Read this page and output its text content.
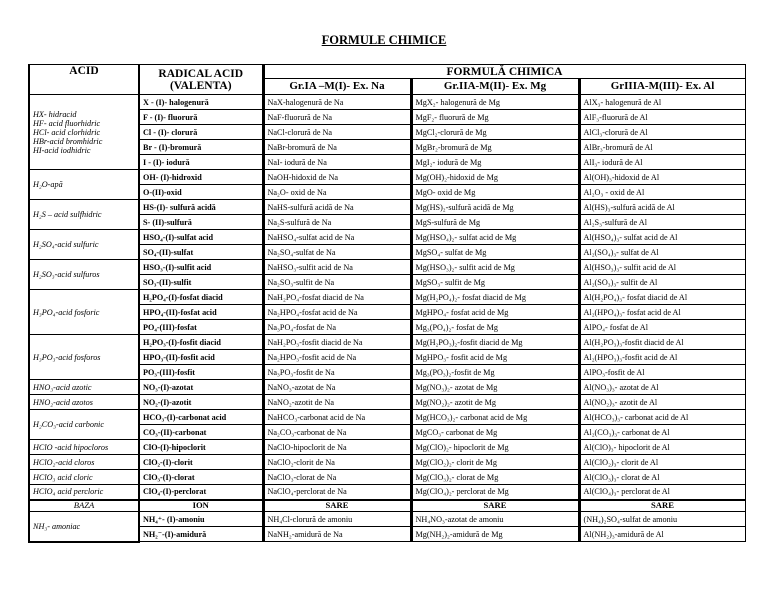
FORMULE CHIMICE
ACID	RADICAL ACID
(VALENTA)	FORMULĂ CHIMICA		
		Gr.IA –M(I)- Ex. Na	Gr.IIA-M(II)- Ex. Mg	GrIIIA-M(III)- Ex. Al
HX- hidracid
HF- acid fluorhidric
HCl- acid clorhidric
HBr-acid bromhidric
HI-acid iodhidric	X - (I)- halogenură	NaX-halogenură de Na	MgX₂- halogenură de Mg	AlX₃- halogenură de Al
	F - (I)- fluorură	NaF-fluorură de Na	MgF₂- fluorură de Mg	AlF₃-fluorură de Al
	Cl - (I)- clorură	NaCl-clorură de Na	MgCl₂-clorură de Mg	AlCl₃-clorură de Al
	Br - (I)-bromură	NaBr-bromură de Na	MgBr₂-bromură de Mg	AlBr₃-bromură de Al
	I - (I)- iodură	NaI- iodură de Na	MgI₂- iodură de Mg	AlI₃- iodură de Al
H₂O-apă	OH- (I)-hidroxid	NaOH-hidoxid de Na	Mg(OH)₂-hidoxid de Mg	Al(OH)₃-hidoxid de Al
	O-(II)-oxid	Na₂O- oxid de Na	MgO- oxid de Mg	Al₂O₃ - oxid de Al
H₂S – acid sulfhidric	HS-(I)- sulfură acidă	NaHS-sulfură acidă de Na	Mg(HS)₂-sulfură acidă de Mg	Al(HS)₃-sulfură acidă de Al
	S- (II)-sulfură	Na₂S-sulfură de Na	MgS-sulfură de Mg	Al₂S₃-sulfură de Al
H₂SO₄-acid sulfuric	HSO₄-(I)-sulfat acid	NaHSO₄-sulfat acid de Na	Mg(HSO₄)₂- sulfat acid de Mg	Al(HSO₄)₃- sulfat acid de Al
	SO₄-(II)-sulfat	Na₂SO₄-sulfat de Na	MgSO₄- sulfat de Mg	Al₂(SO₄)₃- sulfat de Al
H₂SO₃-acid sulfuros	HSO₃-(I)-sulfit acid	NaHSO₃-sulfit acid de Na	Mg(HSO₃)₂- sulfit acid de Mg	Al(HSO₃)₃- sulfit acid de Al
	SO₃-(II)-sulfit	Na₂SO₃-sulfit de Na	MgSO₃- sulfit de Mg	Al₂(SO₃)₃- sulfit de Al
H₃PO₄-acid fosforic	H₂PO₄-(I)-fosfat diacid	NaH₂PO₄-fosfat diacid de Na	Mg(H₂PO₄)₂- fosfat diacid de Mg	Al(H₂PO₄)₃- fosfat diacid de Al
	HPO₄-(II)-fosfat acid	Na₂HPO₄-fosfat acid de Na	MgHPO₄- fosfat acid de Mg	Al₂(HPO₄)₃- fosfat acid de Al
	PO₄-(III)-fosfat	Na₃PO₄-fosfat de Na	Mg₃(PO₄)₂- fosfat de Mg	AlPO₄- fosfat de Al
H₃PO₃-acid fosforos	H₂PO₃-(I)-fosfit diacid	NaH₂PO₃-fosfit diacid de Na	Mg(H₂PO₃)₂-fosfit diacid de Mg	Al(H₂PO₃)₃-fosfit diacid de Al
	HPO₃-(II)-fosfit acid	Na₂HPO₃-fosfit acid de Na	MgHPO₃- fosfit acid de Mg	Al₂(HPO₃)₃-fosfit acid de Al
	PO₃-(III)-fosfit	Na₃PO₃-fosfit de Na	Mg₃(PO₃)₂-fosfit de Mg	AlPO₃-fosfit de Al
HNO₃-acid azotic	NO₃-(I)-azotat	NaNO₃-azotat de Na	Mg(NO₃)₂- azotat de Mg	Al(NO₃)₃- azotat de Al
HNO₂-acid azotos	NO₂-(I)-azotit	NaNO₂-azotit de Na	Mg(NO₂)₂- azotit de Mg	Al(NO₂)₃- azotit de Al
H₂CO₃-acid carbonic	HCO₃-(I)-carbonat acid	NaHCO₃-carbonat acid de Na	Mg(HCO₃)₂- carbonat acid de Mg	Al(HCO₃)₃- carbonat acid de Al
	CO₃-(II)-carbonat	Na₂CO₃-carbonat de Na	MgCO₃- carbonat de Mg	Al₂(CO₃)₃- carbonat de Al
HClO -acid hipocloros	ClO-(I)-hipoclorit	NaClO-hipoclorit de Na	Mg(ClO)₂- hipoclorit de Mg	Al(ClO)₃- hipoclorit de Al
HClO₂-acid cloros	ClO₂-(I)-clorit	NaClO₂-clorit de Na	Mg(ClO₂)₂- clorit de Mg	Al(ClO₂)₃- clorit de Al
HClO₃ acid cloric	ClO₃-(I)-clorat	NaClO₃-clorat de Na	Mg(ClO₃)₂- clorat de Mg	Al(ClO₃)₃- clorat de Al
HClO₄ acid percloric	ClO₄-(I)-perclorat	NaClO₄-perclorat de Na	Mg(ClO₄)₂- perclorat de Mg	Al(ClO₄)₃- perclorat de Al
BAZA	ION	SARE	SARE	SARE
NH₃- amoniac	NH₄⁺- (I)-amoniu	NH₄Cl-clorură de amoniu	NH₄NO₃-azotat de amoniu	(NH₄)₂SO₄-sulfat de amoniu
	NH₂⁻-(I)-amidură	NaNH₂-amidură de Na	Mg(NH₂)₂-amidură de Mg	Al(NH₂)₃-amidură de Al
